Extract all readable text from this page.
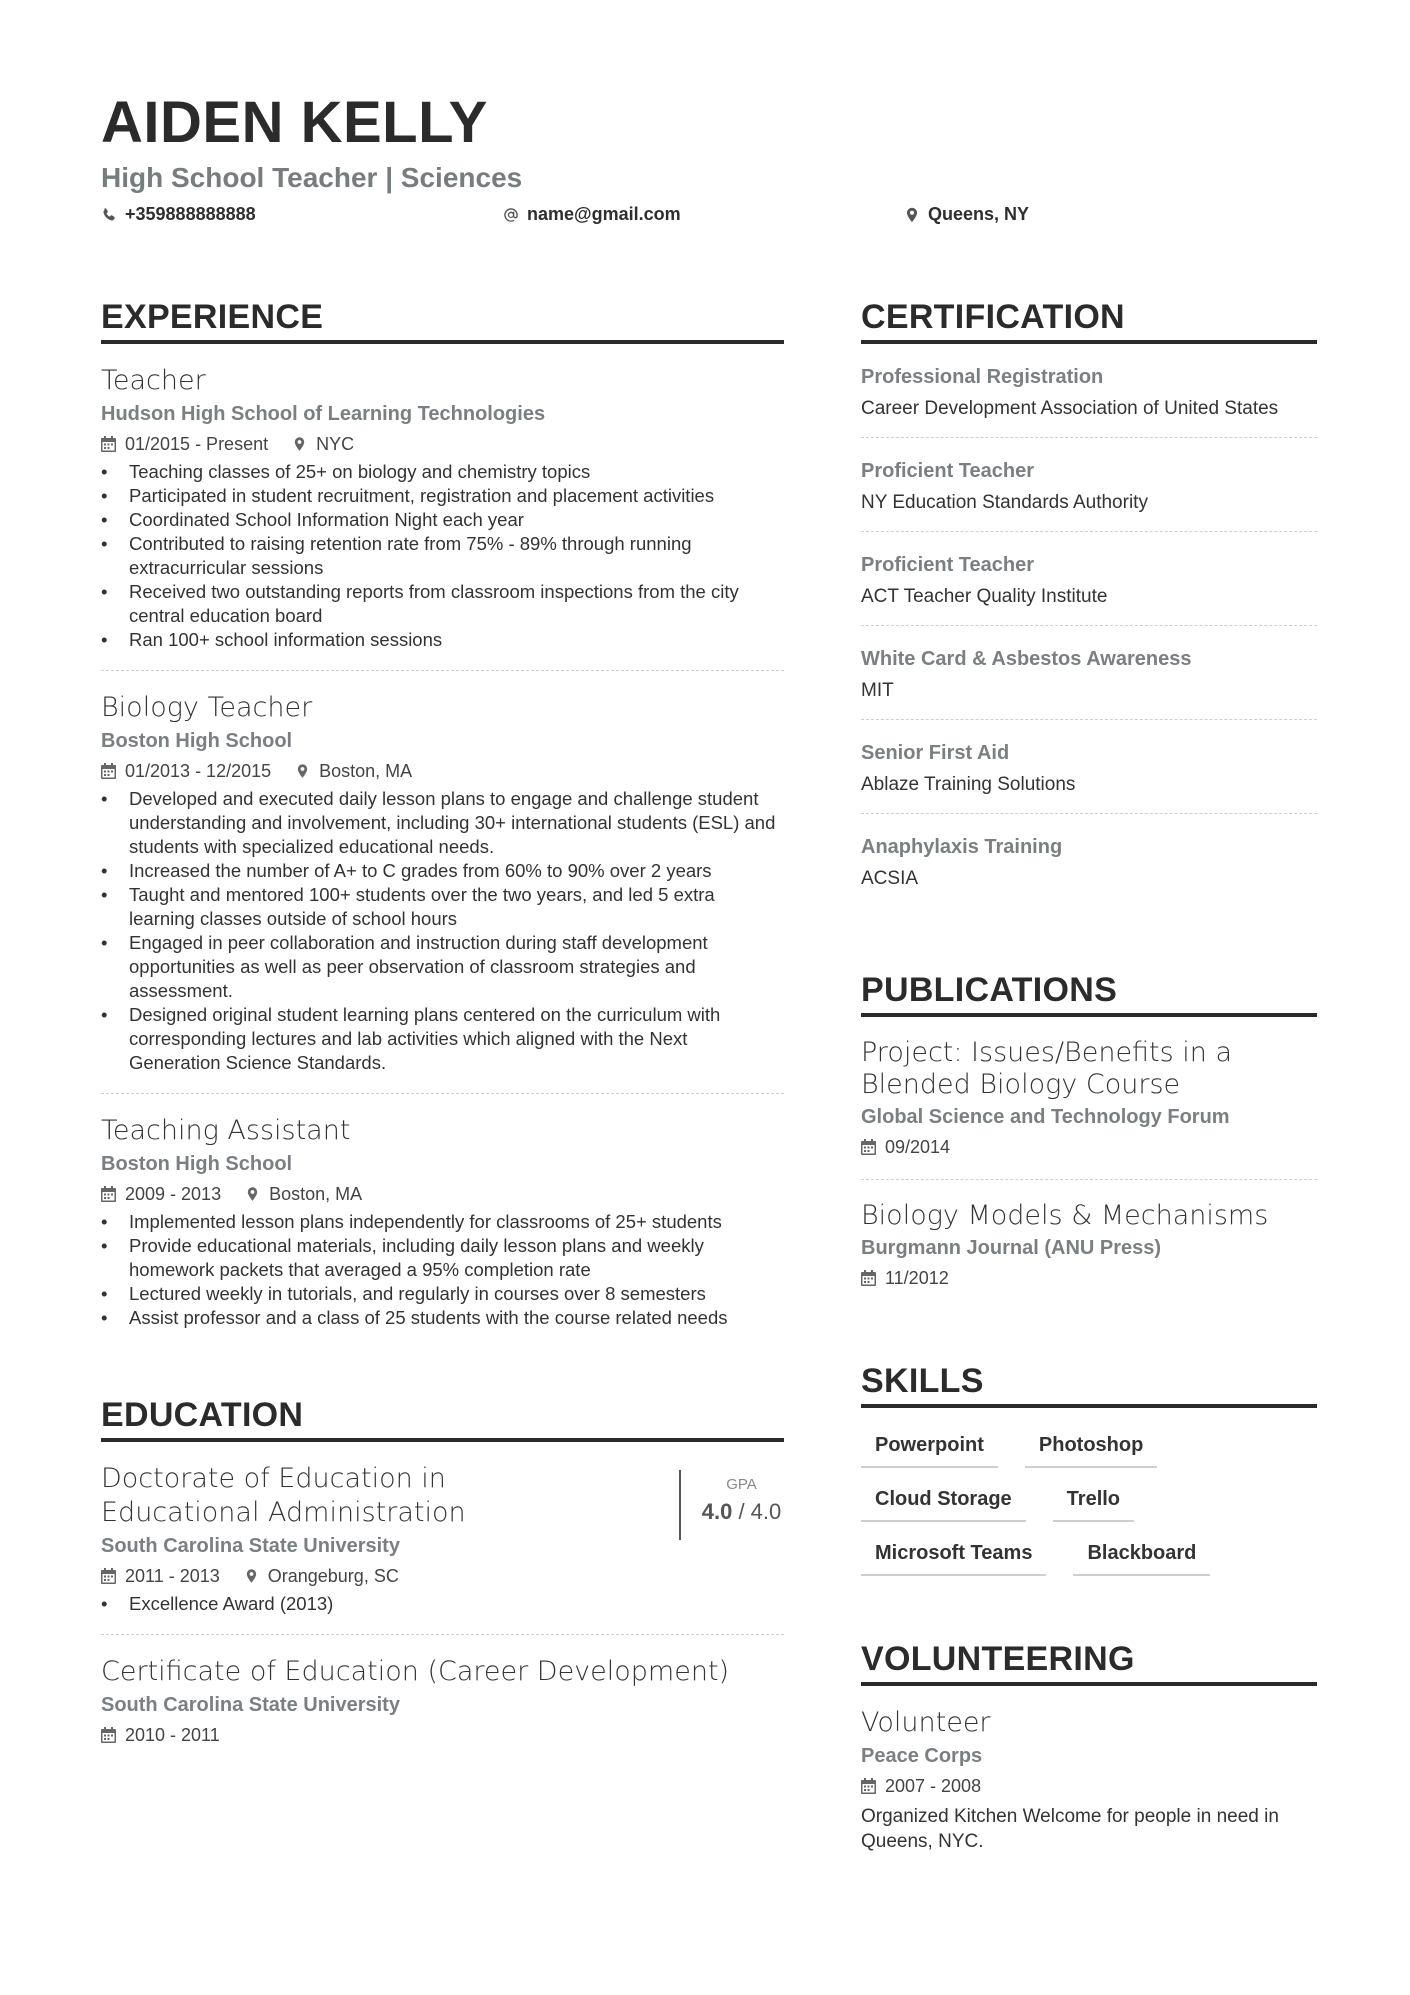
AIDEN KELLY
High School Teacher | Sciences
+359888888888	name@gmail.com	Queens, NY
EXPERIENCE
Teacher
Hudson High School of Learning Technologies
01/2015 - Present	NYC
• Teaching classes of 25+ on biology and chemistry topics
• Participated in student recruitment, registration and placement activities
• Coordinated School Information Night each year
• Contributed to raising retention rate from 75% - 89% through running extracurricular sessions
• Received two outstanding reports from classroom inspections from the city central education board
• Ran 100+ school information sessions
Biology Teacher
Boston High School
01/2013 - 12/2015	Boston, MA
• Developed and executed daily lesson plans to engage and challenge student understanding and involvement, including 30+ international students (ESL) and students with specialized educational needs.
• Increased the number of A+ to C grades from 60% to 90% over 2 years
• Taught and mentored 100+ students over the two years, and led 5 extra learning classes outside of school hours
• Engaged in peer collaboration and instruction during staff development opportunities as well as peer observation of classroom strategies and assessment.
• Designed original student learning plans centered on the curriculum with corresponding lectures and lab activities which aligned with the Next Generation Science Standards.
Teaching Assistant
Boston High School
2009 - 2013	Boston, MA
• Implemented lesson plans independently for classrooms of 25+ students
• Provide educational materials, including daily lesson plans and weekly homework packets that averaged a 95% completion rate
• Lectured weekly in tutorials, and regularly in courses over 8 semesters
• Assist professor and a class of 25 students with the course related needs
EDUCATION
Doctorate of Education in Educational Administration
South Carolina State University
2011 - 2013	Orangeburg, SC
• Excellence Award (2013)
GPA
4.0 / 4.0
Certificate of Education (Career Development)
South Carolina State University
2010 - 2011
CERTIFICATION
Professional Registration
Career Development Association of United States
Proficient Teacher
NY Education Standards Authority
Proficient Teacher
ACT Teacher Quality Institute
White Card & Asbestos Awareness
MIT
Senior First Aid
Ablaze Training Solutions
Anaphylaxis Training
ACSIA
PUBLICATIONS
Project: Issues/Benefits in a Blended Biology Course
Global Science and Technology Forum
09/2014
Biology Models & Mechanisms
Burgmann Journal (ANU Press)
11/2012
SKILLS
Powerpoint	Photoshop
Cloud Storage	Trello
Microsoft Teams	Blackboard
VOLUNTEERING
Volunteer
Peace Corps
2007 - 2008
Organized Kitchen Welcome for people in need in Queens, NYC.
